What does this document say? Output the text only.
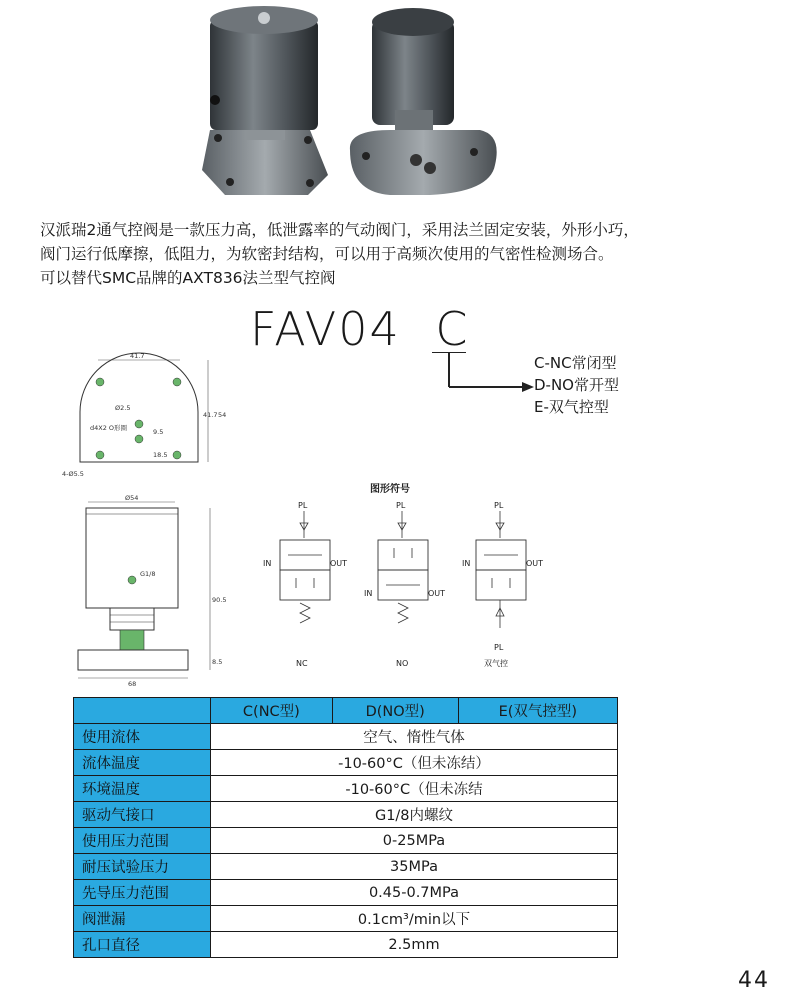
汉派瑞2通气控阀是一款压力高，低泄露率的气动阀门，采用法兰固定安装，外形小巧，

阀门运行低摩擦，低阻力，为软密封结构，可以用于高频次使用的气密性检测场合。

可以替代SMC品牌的AXT836法兰型气控阀

FAV04 C
C-NC常闭型
D-NO常开型
E-双气控型
41.7
Ø2.5
d4X2 O形圈	9.5
18.5
41.7 54
4-Ø5.5
Ø54
G1/8
90.5
8.5
68
图形符号
PL
IN	OUT
NC
PL
IN	OUT
NO
PL
IN	OUT
PL
双气控
	C(NC型)	D(NO型)	E(双气控型)
使用流体	空气、惰性气体		
流体温度	-10-60°C（但未冻结）		
环境温度	-10-60°C（但未冻结		
驱动气接口	G1/8内螺纹		
使用压力范围	0-25MPa		
耐压试验压力	35MPa		
先导压力范围	0.45-0.7MPa		
阀泄漏	0.1cm³/min以下		
孔口直径	2.5mm		
44
